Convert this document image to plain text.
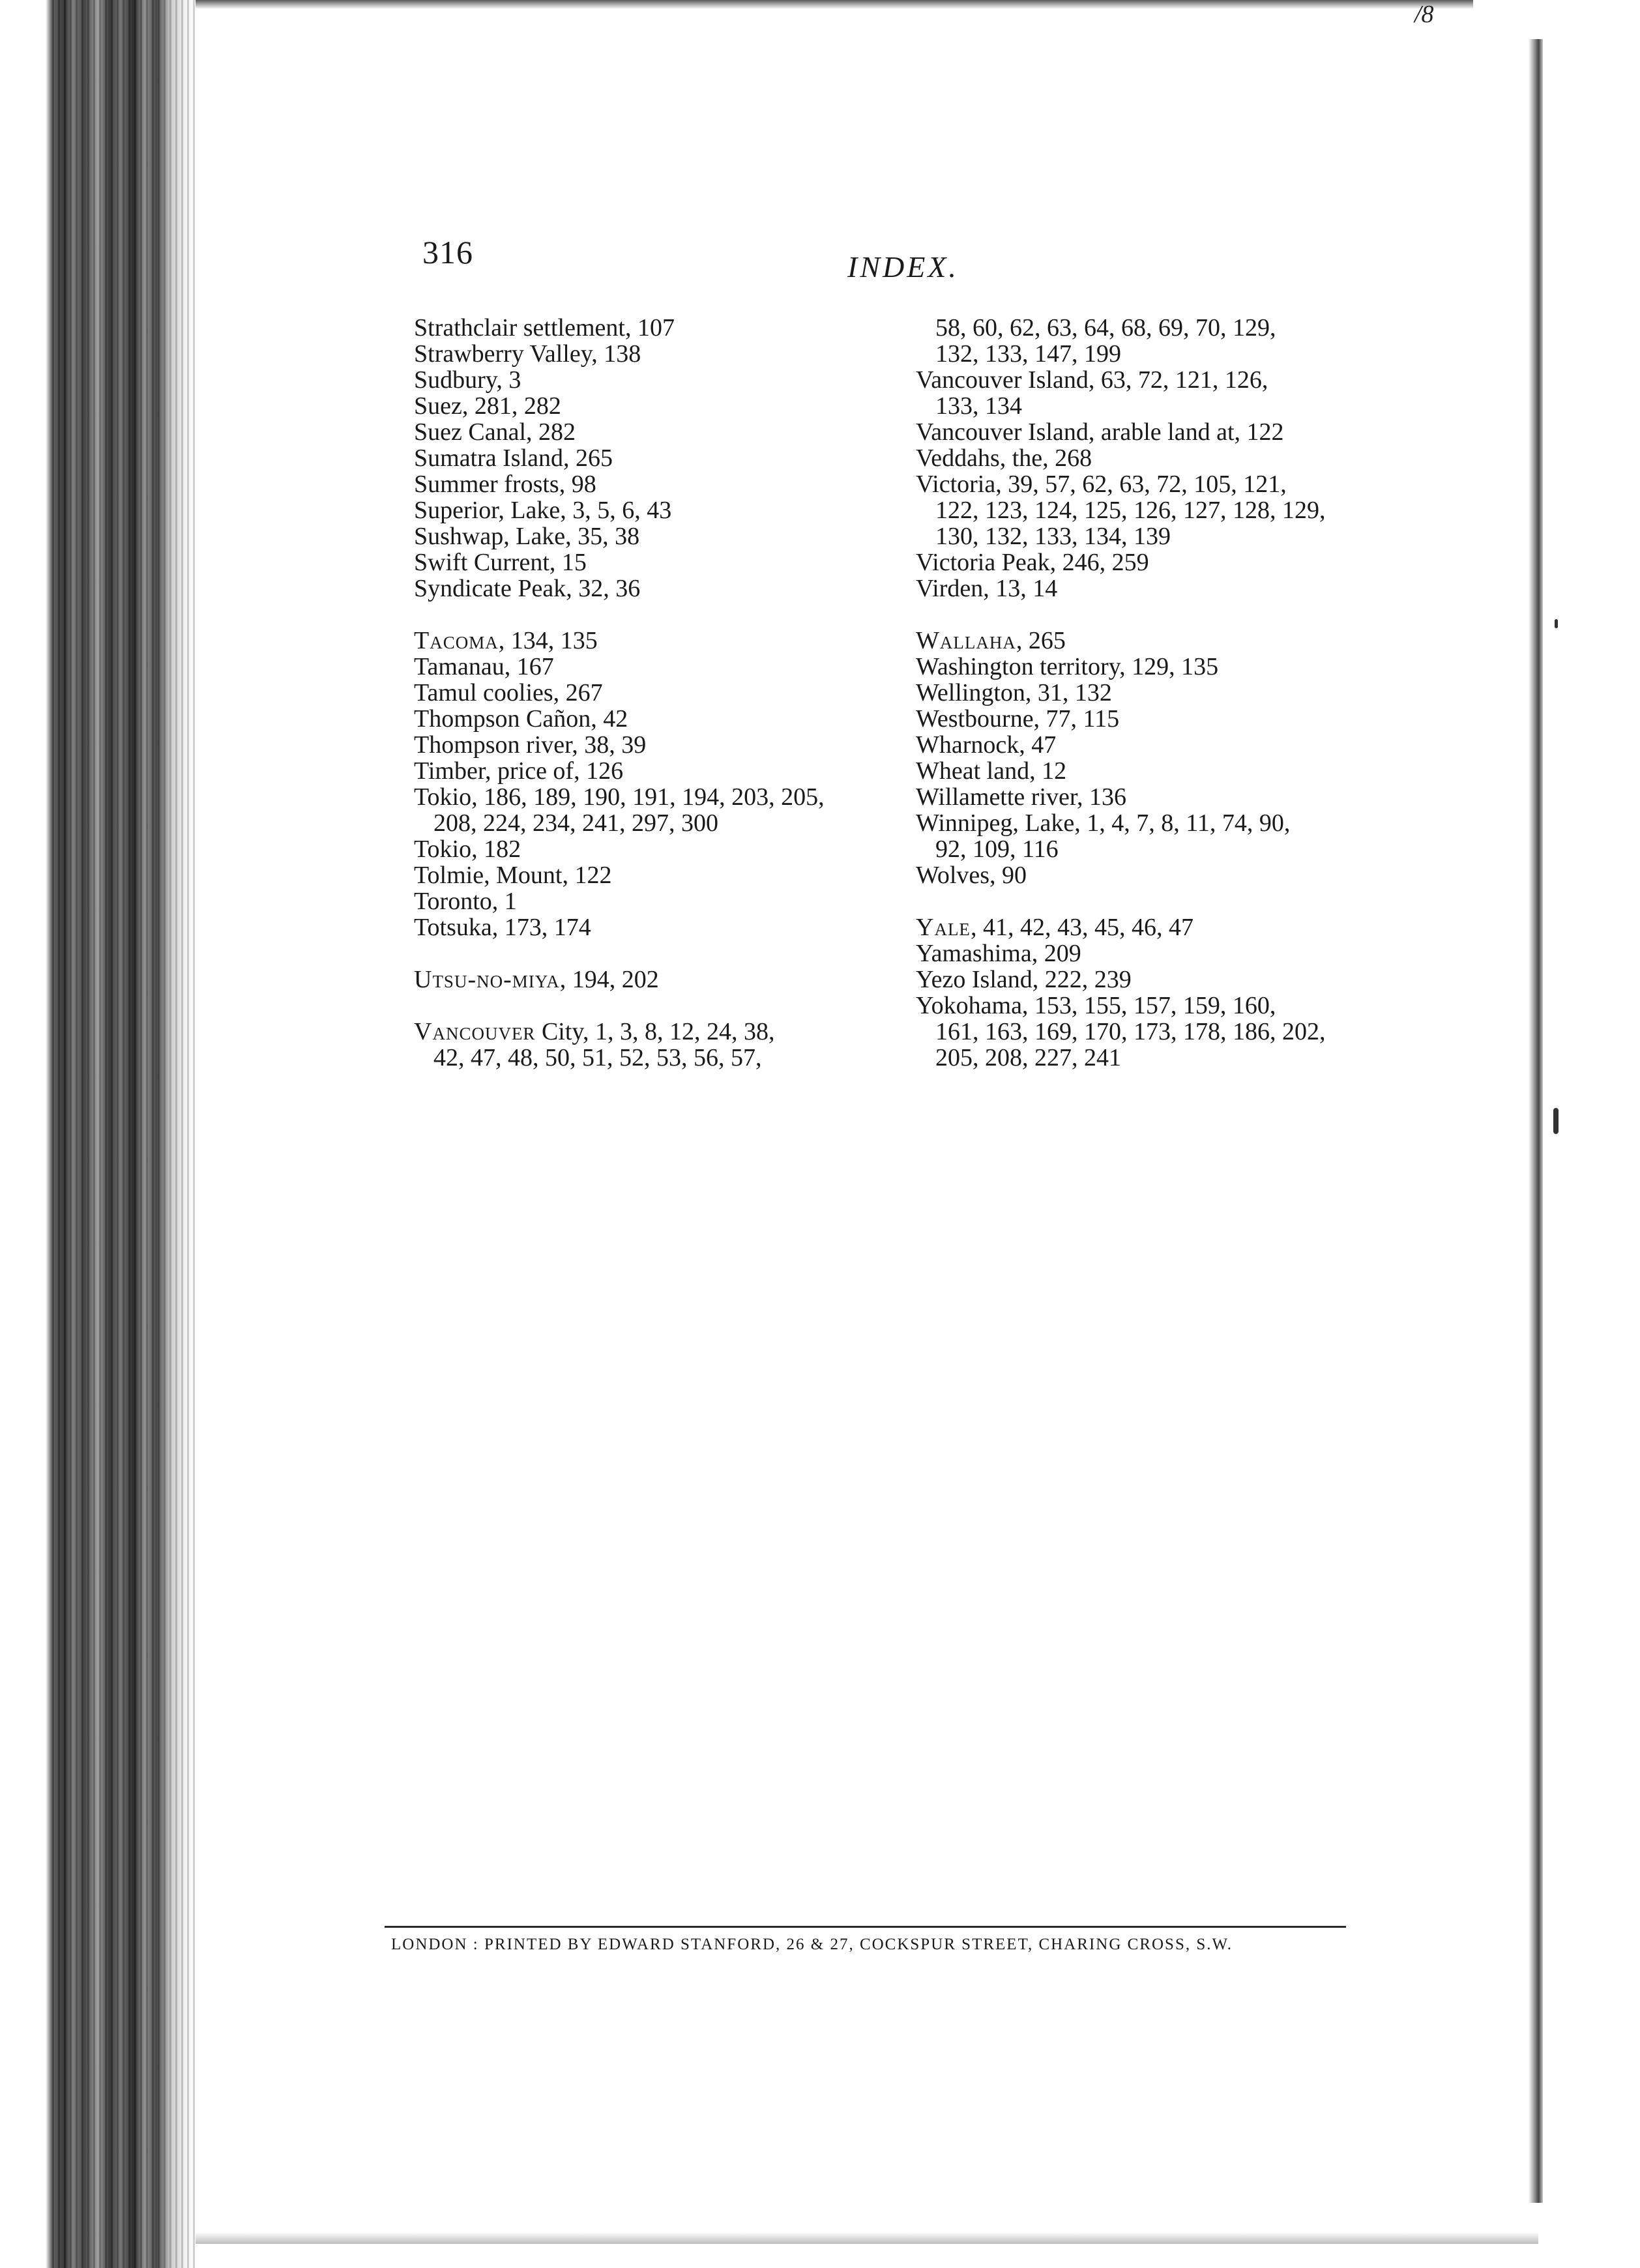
/8
316	INDEX.

Strathclair settlement, 107

Strawberry Valley, 138

Sudbury, 3

Suez, 281, 282

Suez Canal, 282

Sumatra Island, 265

Summer frosts, 98

Superior, Lake, 3, 5, 6, 43

Sushwap, Lake, 35, 38

Swift Current, 15

Syndicate Peak, 32, 36

Tacoma, 134, 135

Tamanau, 167

Tamul coolies, 267

Thompson Cañon, 42

Thompson river, 38, 39

Timber, price of, 126

Tokio, 186, 189, 190, 191, 194, 203, 205,
208, 224, 234, 241, 297, 300

Tokio, 182

Tolmie, Mount, 122

Toronto, 1

Totsuka, 173, 174

Utsu-no-miya, 194, 202

Vancouver City, 1, 3, 8, 12, 24, 38,
42, 47, 48, 50, 51, 52, 53, 56, 57,

58, 60, 62, 63, 64, 68, 69, 70, 129,

132, 133, 147, 199

Vancouver Island, 63, 72, 121, 126,
133, 134

Vancouver Island, arable land at, 122

Veddahs, the, 268

Victoria, 39, 57, 62, 63, 72, 105, 121,
122, 123, 124, 125, 126, 127, 128, 129,

130, 132, 133, 134, 139

Victoria Peak, 246, 259

Virden, 13, 14

Wallaha, 265

Washington territory, 129, 135

Wellington, 31, 132

Westbourne, 77, 115

Wharnock, 47

Wheat land, 12

Willamette river, 136

Winnipeg, Lake, 1, 4, 7, 8, 11, 74, 90,
92, 109, 116

Wolves, 90

Yale, 41, 42, 43, 45, 46, 47

Yamashima, 209

Yezo Island, 222, 239

Yokohama, 153, 155, 157, 159, 160,
161, 163, 169, 170, 173, 178, 186, 202,

205, 208, 227, 241

LONDON : PRINTED BY EDWARD STANFORD, 26 & 27, COCKSPUR STREET, CHARING CROSS, S.W.
